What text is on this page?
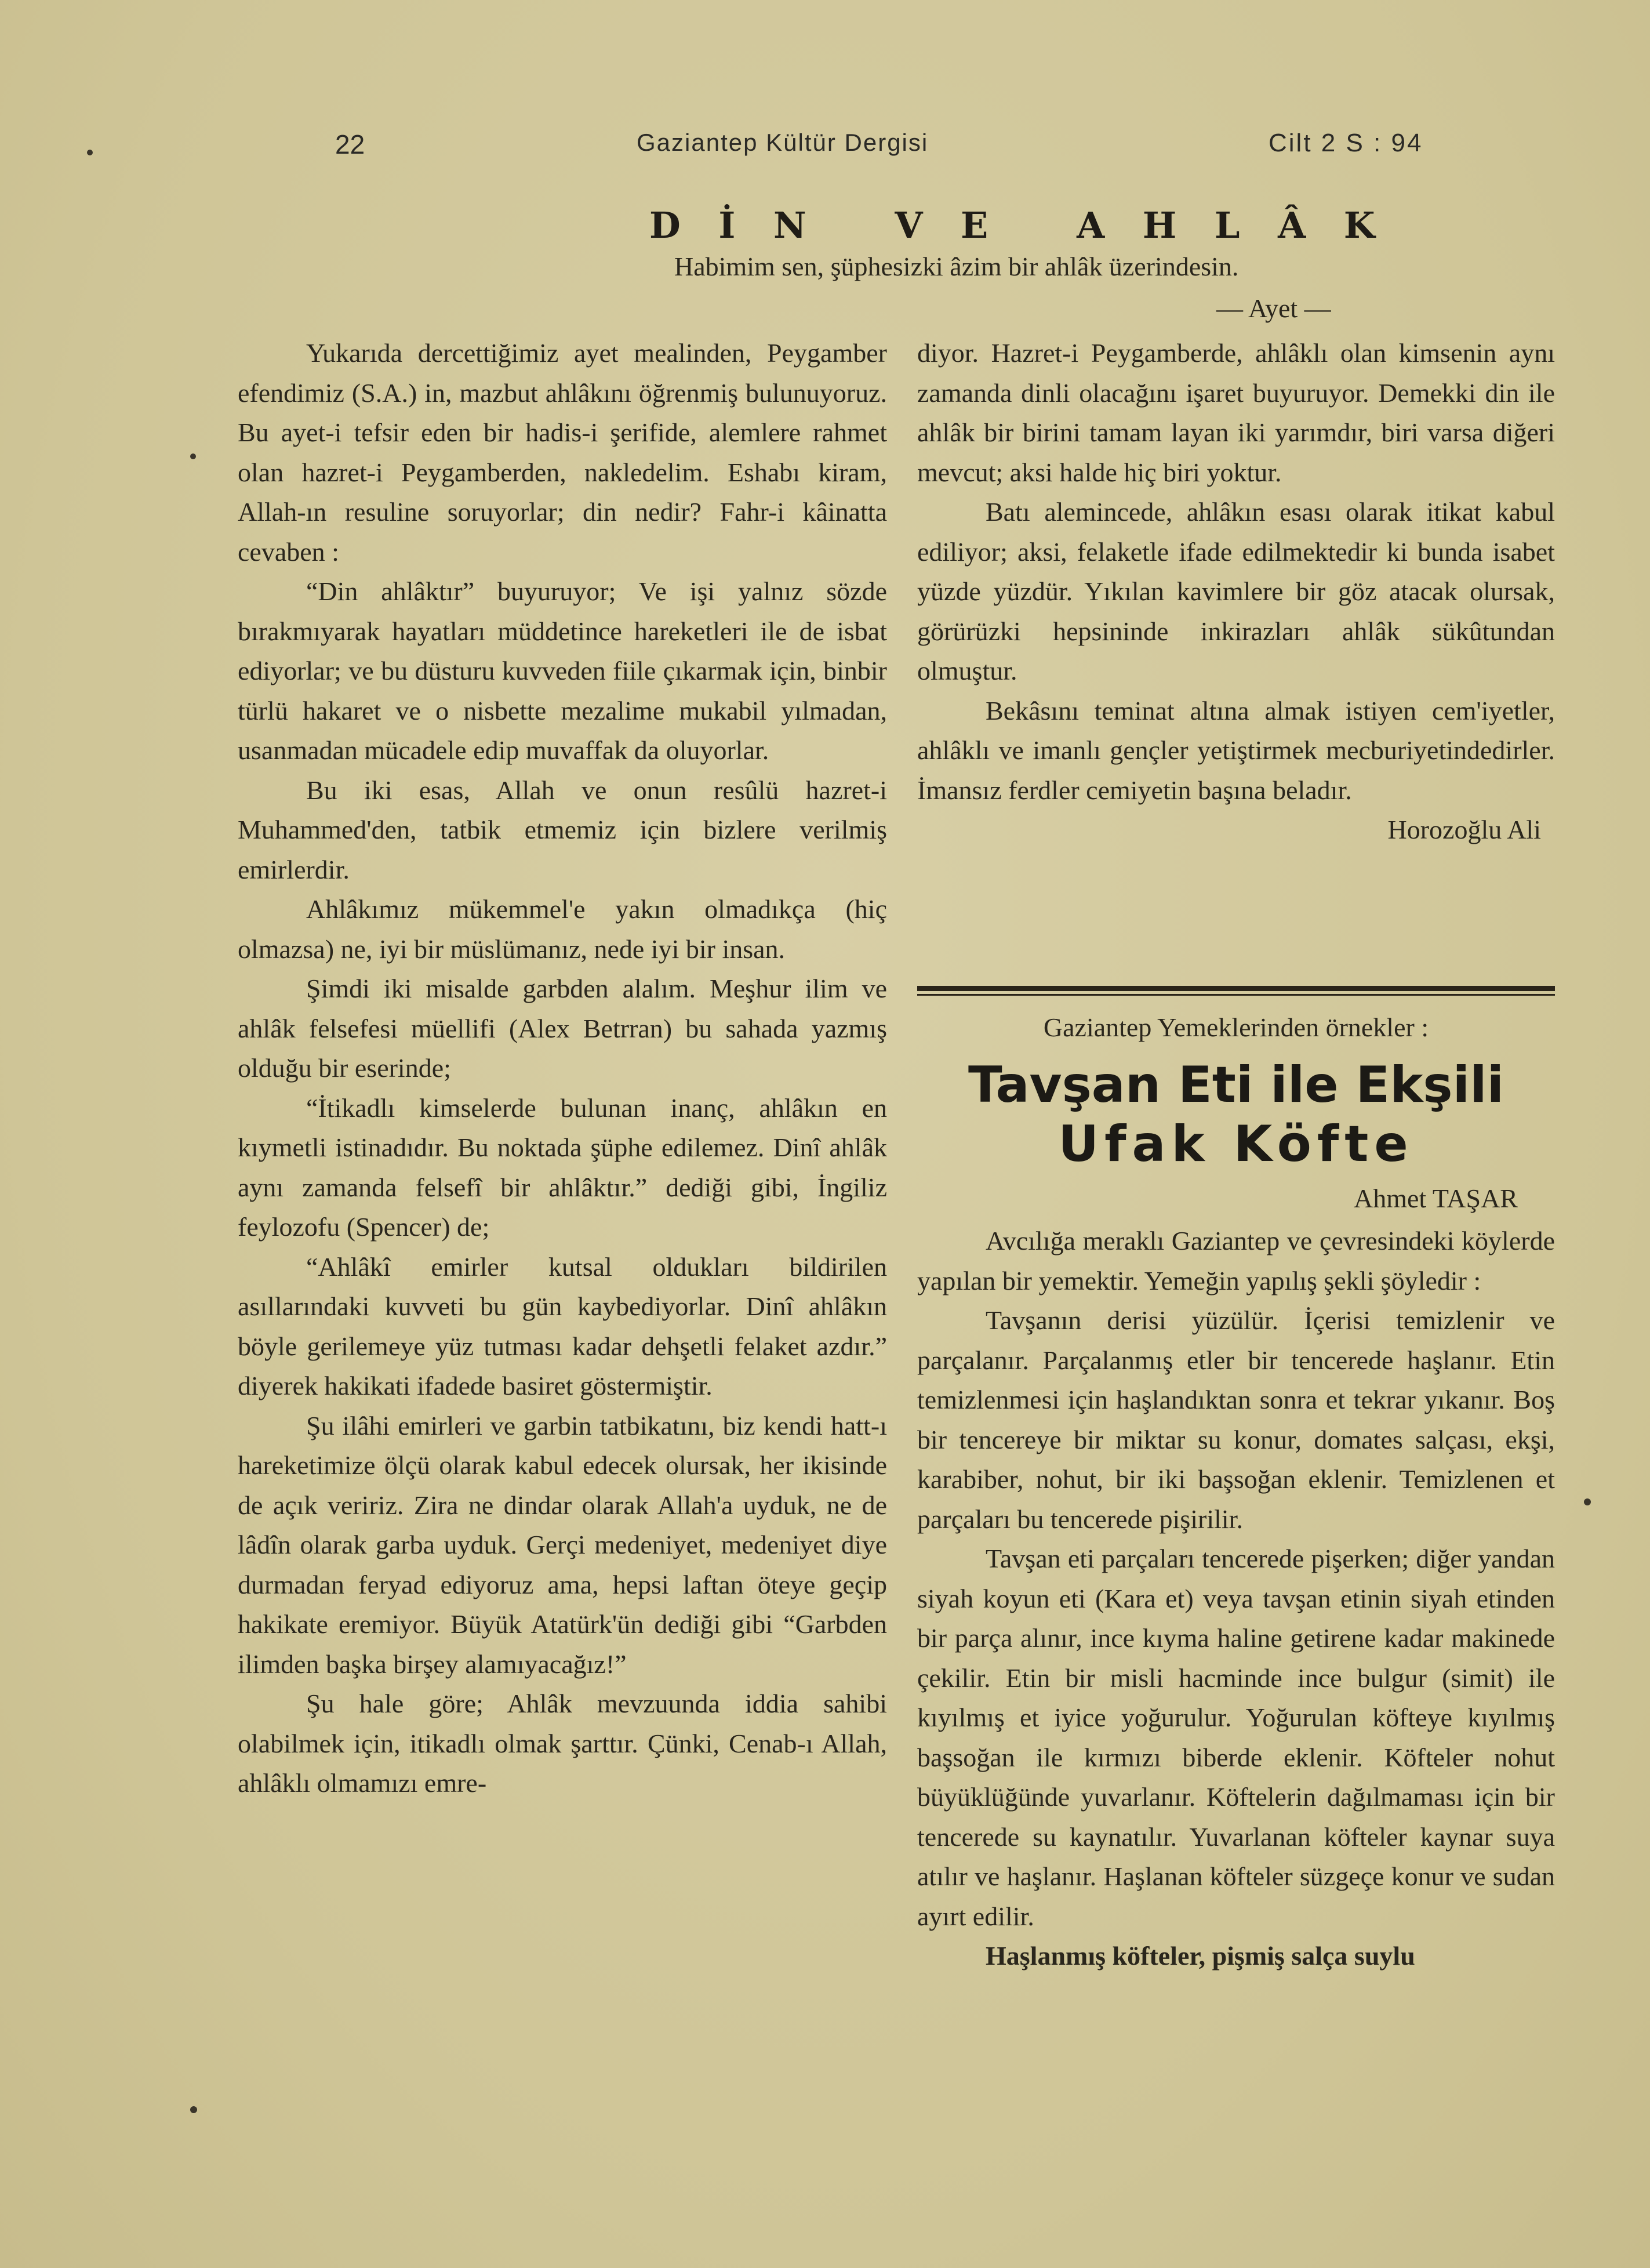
22	Gaziantep Kültür Dergisi	Cilt 2 S : 94
D İ N   V E   A H L Â K
Habimim sen, şüphesizki âzim bir ahlâk üzerindesin.
— Ayet —

Yukarıda dercettiğimiz ayet mealinden, Peygamber efendimiz (S.A.) in, mazbut ahlâkını öğrenmiş bulunuyoruz. Bu ayet-i tefsir eden bir hadis-i şerifide, alemlere rahmet olan hazret-i Peygamberden, nakledelim. Eshabı kiram, Allah-ın resuline soruyorlar; din nedir? Fahr-i kâinatta cevaben :

“Din ahlâktır” buyuruyor; Ve işi yalnız sözde bırakmıyarak hayatları müddetince hareketleri ile de isbat ediyorlar; ve bu düsturu kuvveden fiile çıkarmak için, binbir türlü hakaret ve o nisbette mezalime mukabil yılmadan, usanmadan mücadele edip muvaffak da oluyorlar.

Bu iki esas, Allah ve onun resûlü hazret-i Muhammed'den, tatbik etmemiz için bizlere verilmiş emirlerdir.

Ahlâkımız mükemmel'e yakın olmadıkça (hiç olmazsa) ne, iyi bir müslümanız, nede iyi bir insan.

Şimdi iki misalde garbden alalım. Meşhur ilim ve ahlâk felsefesi müellifi (Alex Betrran) bu sahada yazmış olduğu bir eserinde;

“İtikadlı kimselerde bulunan inanç, ahlâkın en kıymetli istinadıdır. Bu noktada şüphe edilemez. Dinî ahlâk aynı zamanda felsefî bir ahlâktır.” dediği gibi, İngiliz feylozofu (Spencer) de;

“Ahlâkî emirler kutsal oldukları bildirilen asıllarındaki kuvveti bu gün kaybediyorlar. Dinî ahlâkın böyle gerilemeye yüz tutması kadar dehşetli felaket azdır.” diyerek hakikati ifadede basiret göstermiştir.

Şu ilâhi emirleri ve garbin tatbikatını, biz kendi hatt-ı hareketimize ölçü olarak kabul edecek olursak, her ikisinde de açık veririz. Zira ne dindar olarak Allah'a uyduk, ne de lâdîn olarak garba uyduk. Gerçi medeniyet, medeniyet diye durmadan feryad ediyoruz ama, hepsi laftan öteye geçip hakikate eremiyor. Büyük Atatürk'ün dediği gibi “Garbden ilimden başka birşey alamıyacağız!”

Şu hale göre; Ahlâk mevzuunda iddia sahibi olabilmek için, itikadlı olmak şarttır. Çünki, Cenab-ı Allah, ahlâklı olmamızı emre-

diyor. Hazret-i Peygamberde, ahlâklı olan kimsenin aynı zamanda dinli olacağını işaret buyuruyor. Demekki din ile ahlâk bir birini tamam layan iki yarımdır, biri varsa diğeri mevcut; aksi halde hiç biri yoktur.

Batı alemincede, ahlâkın esası olarak itikat kabul ediliyor; aksi, felaketle ifade edilmektedir ki bunda isabet yüzde yüzdür. Yıkılan kavimlere bir göz atacak olursak, görürüzki hepsininde inkirazları ahlâk sükûtundan olmuştur.

Bekâsını teminat altına almak istiyen cem'iyetler, ahlâklı ve imanlı gençler yetiştirmek mecburiyetindedirler. İmansız ferdler cemiyetin başına beladır.

Horozoğlu Ali

Gaziantep Yemeklerinden örnekler :
Tavşan Eti ile Ekşili
Ufak Köfte
Ahmet TAŞAR

Avcılığa meraklı Gaziantep ve çevresindeki köylerde yapılan bir yemektir. Yemeğin yapılış şekli şöyledir :

Tavşanın derisi yüzülür. İçerisi temizlenir ve parçalanır. Parçalanmış etler bir tencerede haşlanır. Etin temizlenmesi için haşlandıktan sonra et tekrar yıkanır. Boş bir tencereye bir miktar su konur, domates salçası, ekşi, karabiber, nohut, bir iki başsoğan eklenir. Temizlenen et parçaları bu tencerede pişirilir.

Tavşan eti parçaları tencerede pişerken; diğer yandan siyah koyun eti (Kara et) veya tavşan etinin siyah etinden bir parça alınır, ince kıyma haline getirene kadar makinede çekilir. Etin bir misli hacminde ince bulgur (simit) ile kıyılmış et iyice yoğurulur. Yoğurulan köfteye kıyılmış başsoğan ile kırmızı biberde eklenir. Köfteler nohut büyüklüğünde yuvarlanır. Köftelerin dağılmaması için bir tencerede su kaynatılır. Yuvarlanan köfteler kaynar suya atılır ve haşlanır. Haşlanan köfteler süzgeçe konur ve sudan ayırt edilir.

Haşlanmış köfteler, pişmiş salça suylu
